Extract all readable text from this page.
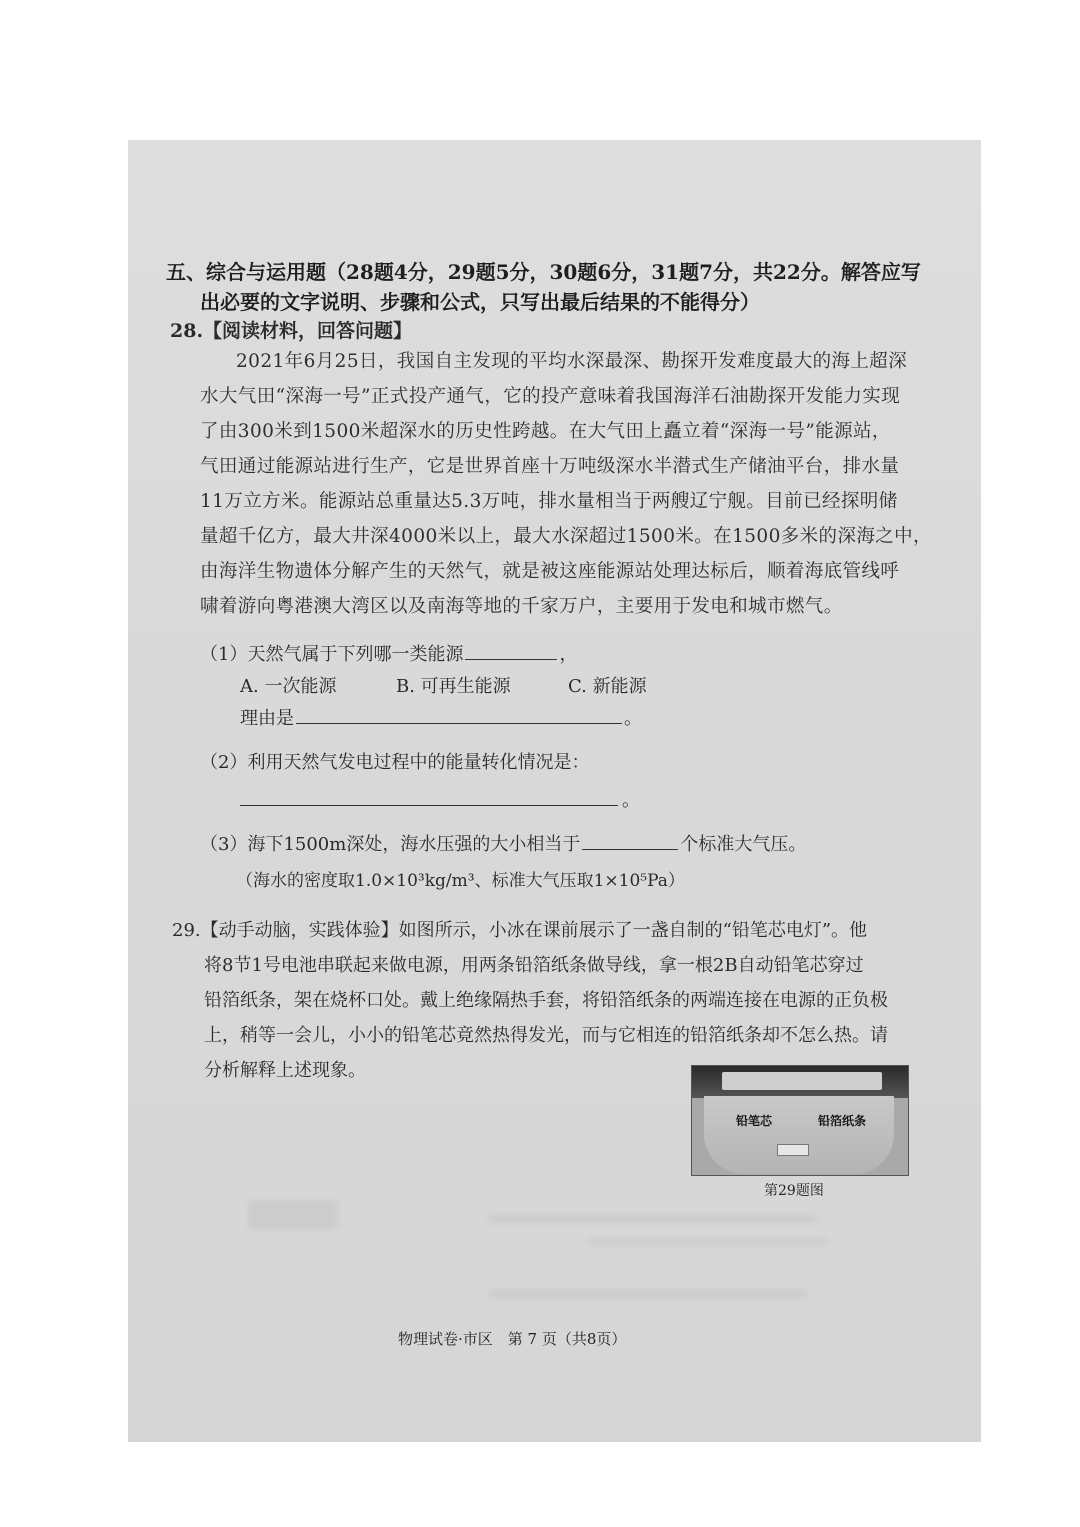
五、综合与运用题（28题4分，29题5分，30题6分，31题7分，共22分。解答应写
出必要的文字说明、步骤和公式，只写出最后结果的不能得分）
28.【阅读材料，回答问题】
2021年6月25日，我国自主发现的平均水深最深、勘探开发难度最大的海上超深
水大气田“深海一号”正式投产通气，它的投产意味着我国海洋石油勘探开发能力实现
了由300米到1500米超深水的历史性跨越。在大气田上矗立着“深海一号”能源站，
气田通过能源站进行生产，它是世界首座十万吨级深水半潜式生产储油平台，排水量
11万立方米。能源站总重量达5.3万吨，排水量相当于两艘辽宁舰。目前已经探明储
量超千亿方，最大井深4000米以上，最大水深超过1500米。在1500多米的深海之中，
由海洋生物遗体分解产生的天然气，就是被这座能源站处理达标后，顺着海底管线呼
啸着游向粤港澳大湾区以及南海等地的千家万户，主要用于发电和城市燃气。
（1）天然气属于下列哪一类能源	，
A. 一次能源	B. 可再生能源	C. 新能源
理由是	。
（2）利用天然气发电过程中的能量转化情况是：
。
（3）海下1500m深处，海水压强的大小相当于	个标准大气压。
（海水的密度取1.0×10³kg/m³、标准大气压取1×10⁵Pa）
29.【动手动脑，实践体验】如图所示，小冰在课前展示了一盏自制的“铅笔芯电灯”。他
将8节1号电池串联起来做电源，用两条铅箔纸条做导线，拿一根2B自动铅笔芯穿过
铅箔纸条，架在烧杯口处。戴上绝缘隔热手套，将铅箔纸条的两端连接在电源的正负极
上，稍等一会儿，小小的铅笔芯竟然热得发光，而与它相连的铅箔纸条却不怎么热。请
分析解释上述现象。
铅笔芯	铅箔纸条
第29题图
物理试卷·市区　第 7 页（共8页）
